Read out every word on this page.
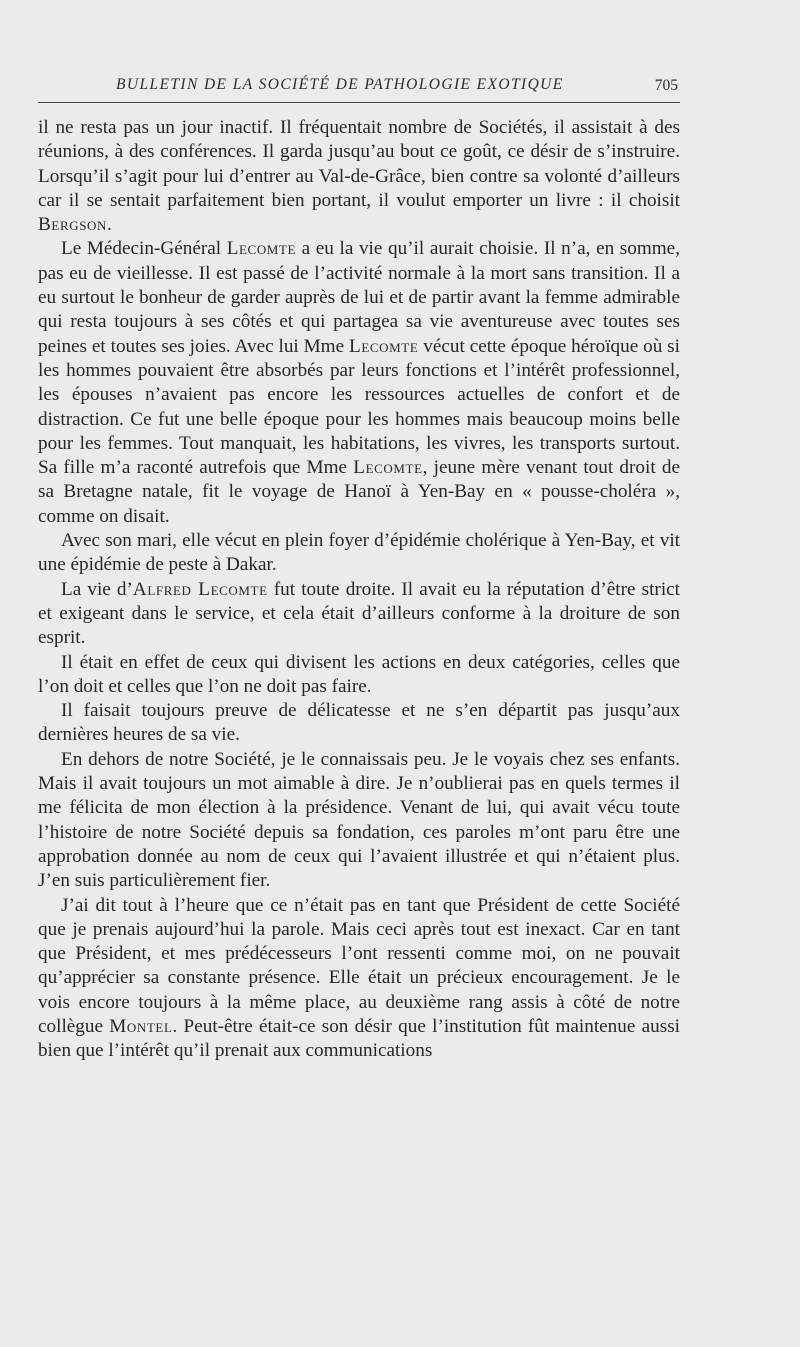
BULLETIN DE LA SOCIÉTÉ DE PATHOLOGIE EXOTIQUE	705

il ne resta pas un jour inactif. Il fréquentait nombre de Sociétés, il assistait à des réunions, à des conférences. Il garda jusqu’au bout ce goût, ce désir de s’instruire. Lorsqu’il s’agit pour lui d’entrer au Val-de-Grâce, bien contre sa volonté d’ailleurs car il se sentait parfaitement bien portant, il voulut emporter un livre : il choisit Bergson.

Le Médecin-Général Lecomte a eu la vie qu’il aurait choisie. Il n’a, en somme, pas eu de vieillesse. Il est passé de l’activité normale à la mort sans transition. Il a eu surtout le bonheur de garder auprès de lui et de partir avant la femme admirable qui resta toujours à ses côtés et qui partagea sa vie aventureuse avec toutes ses peines et toutes ses joies. Avec lui Mme Lecomte vécut cette époque héroïque où si les hommes pouvaient être absorbés par leurs fonctions et l’intérêt professionnel, les épouses n’avaient pas encore les ressources actuelles de confort et de distraction. Ce fut une belle époque pour les hommes mais beaucoup moins belle pour les femmes. Tout manquait, les habitations, les vivres, les transports surtout. Sa fille m’a raconté autrefois que Mme Lecomte, jeune mère venant tout droit de sa Bretagne natale, fit le voyage de Hanoï à Yen-Bay en « pousse-choléra », comme on disait.

Avec son mari, elle vécut en plein foyer d’épidémie cholérique à Yen-Bay, et vit une épidémie de peste à Dakar.

La vie d’Alfred Lecomte fut toute droite. Il avait eu la réputation d’être strict et exigeant dans le service, et cela était d’ailleurs conforme à la droiture de son esprit.

Il était en effet de ceux qui divisent les actions en deux catégories, celles que l’on doit et celles que l’on ne doit pas faire.

Il faisait toujours preuve de délicatesse et ne s’en départit pas jusqu’aux dernières heures de sa vie.

En dehors de notre Société, je le connaissais peu. Je le voyais chez ses enfants. Mais il avait toujours un mot aimable à dire. Je n’oublierai pas en quels termes il me félicita de mon élection à la présidence. Venant de lui, qui avait vécu toute l’histoire de notre Société depuis sa fondation, ces paroles m’ont paru être une approbation donnée au nom de ceux qui l’avaient illustrée et qui n’étaient plus. J’en suis particulièrement fier.

J’ai dit tout à l’heure que ce n’était pas en tant que Président de cette Société que je prenais aujourd’hui la parole. Mais ceci après tout est inexact. Car en tant que Président, et mes prédécesseurs l’ont ressenti comme moi, on ne pouvait qu’apprécier sa constante présence. Elle était un précieux encouragement. Je le vois encore toujours à la même place, au deuxième rang assis à côté de notre collègue Montel. Peut-être était-ce son désir que l’institution fût maintenue aussi bien que l’intérêt qu’il prenait aux communications
